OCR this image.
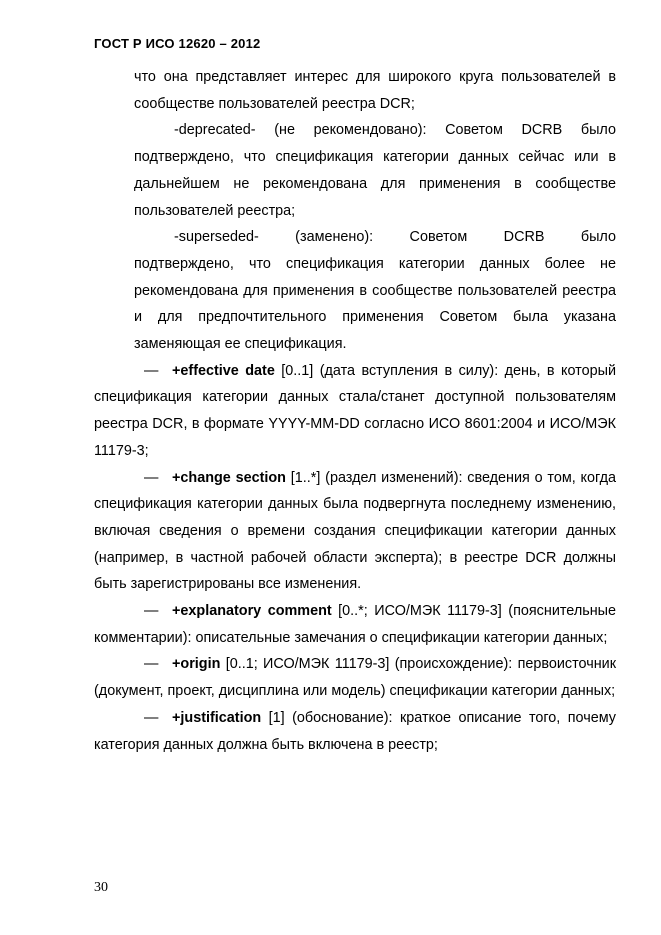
ГОСТ Р ИСО 12620 – 2012

что она представляет интерес для широкого круга пользователей в сообществе пользователей реестра DCR;

-deprecated- (не рекомендовано): Советом DCRB было подтверждено, что спецификация категории данных сейчас или в дальнейшем не рекомендована для применения в сообществе пользователей реестра;

-superseded- (заменено): Советом DCRB было

подтверждено, что спецификация категории данных более не рекомендована для применения в сообществе пользователей реестра и для предпочтительного применения Советом была указана заменяющая ее спецификация.

— +effective date [0..1] (дата вступления в силу): день, в который спецификация категории данных стала/станет доступной пользователям реестра DCR, в формате YYYY-MM-DD согласно ИСО 8601:2004 и ИСО/МЭК 11179-3;

— +change section [1..*] (раздел изменений): сведения о том, когда спецификация категории данных была подвергнута последнему изменению, включая сведения о времени создания спецификации категории данных (например, в частной рабочей области эксперта); в реестре DCR должны быть зарегистрированы все изменения.

— +explanatory comment [0..*; ИСО/МЭК 11179-3] (пояснительные комментарии): описательные замечания о спецификации категории данных;

— +origin [0..1; ИСО/МЭК 11179-3] (происхождение): первоисточник (документ, проект, дисциплина или модель) спецификации категории данных;

— +justification [1] (обоснование): краткое описание того, почему категория данных должна быть включена в реестр;

30
